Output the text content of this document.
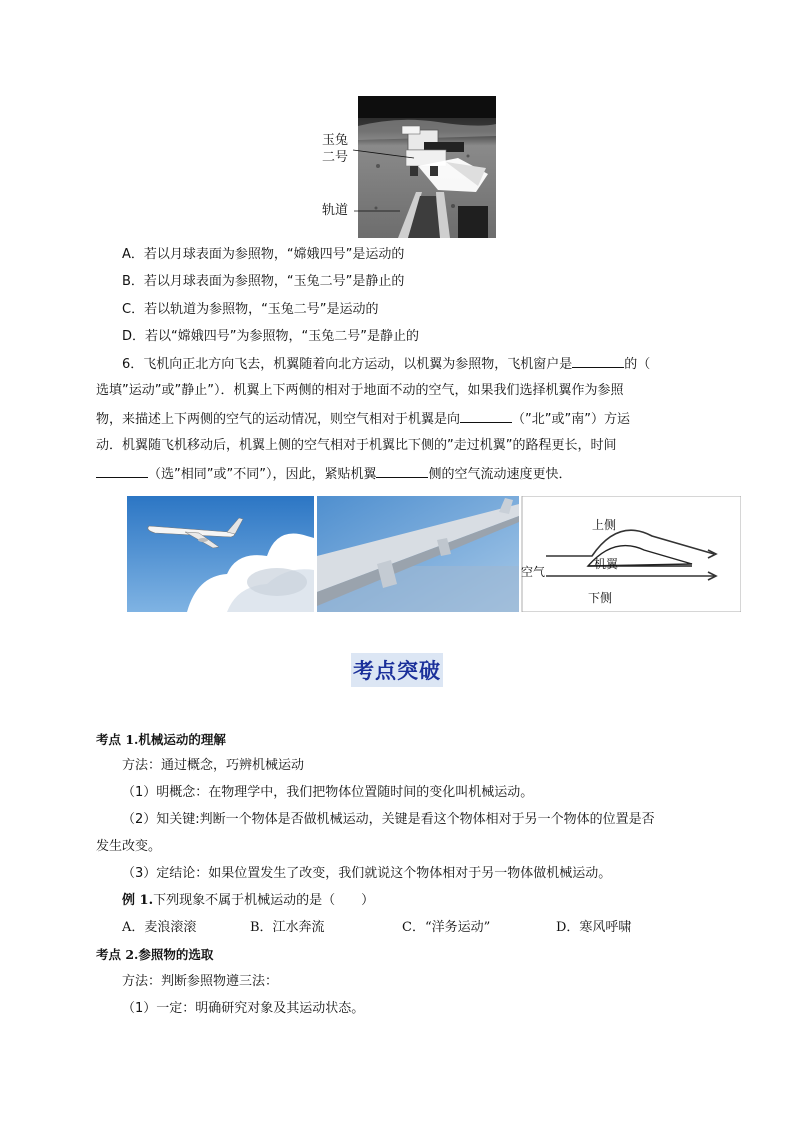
玉兔
二号
轨道
A．若以月球表面为参照物，“嫦娥四号”是运动的
B．若以月球表面为参照物，“玉兔二号”是静止的
C．若以轨道为参照物，“玉兔二号”是运动的
D．若以“嫦娥四号”为参照物，“玉兔二号”是静止的
6．飞机向正北方向飞去，机翼随着向北方运动，以机翼为参照物，飞机窗户是	的（
选填”运动”或”静止”）．机翼上下两侧的相对于地面不动的空气，如果我们选择机翼作为参照
物，来描述上下两侧的空气的运动情况，则空气相对于机翼是向	（”北”或”南”）方运
动．机翼随飞机移动后，机翼上侧的空气相对于机翼比下侧的”走过机翼”的路程更长，时间
（选”相同”或”不同”），因此，紧贴机翼	侧的空气流动速度更快．
上侧
机翼
空气
下侧
考点突破
考点 1.机械运动的理解
方法：通过概念，巧辨机械运动
（1）明概念：在物理学中，我们把物体位置随时间的变化叫机械运动。
（2）知关键:判断一个物体是否做机械运动，关键是看这个物体相对于另一个物体的位置是否
发生改变。
（3）定结论：如果位置发生了改变，我们就说这个物体相对于另一物体做机械运动。
例 1.下列现象不属于机械运动的是（　　）
A．麦浪滚滚	B．江水奔流	C．“洋务运动”	D．寒风呼啸
考点 2.参照物的选取
方法：判断参照物遵三法：
（1）一定：明确研究对象及其运动状态。
